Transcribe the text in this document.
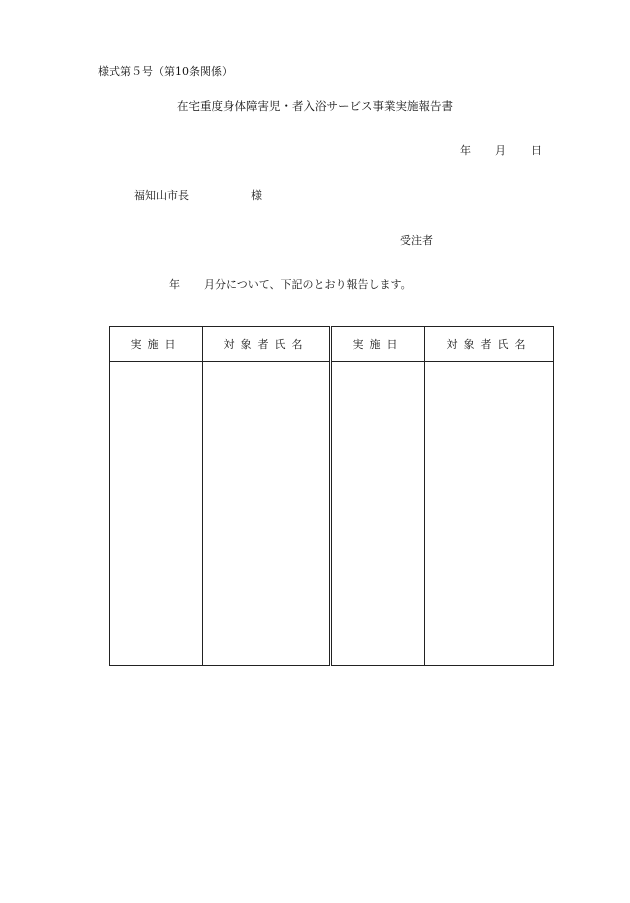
様式第５号（第10条関係）
在宅重度身体障害児・者入浴サービス事業実施報告書
年 月 日
福知山市長	様
受注者
年 月分について、下記のとおり報告します。
実施日	対象者氏名	実施日	対象者氏名
